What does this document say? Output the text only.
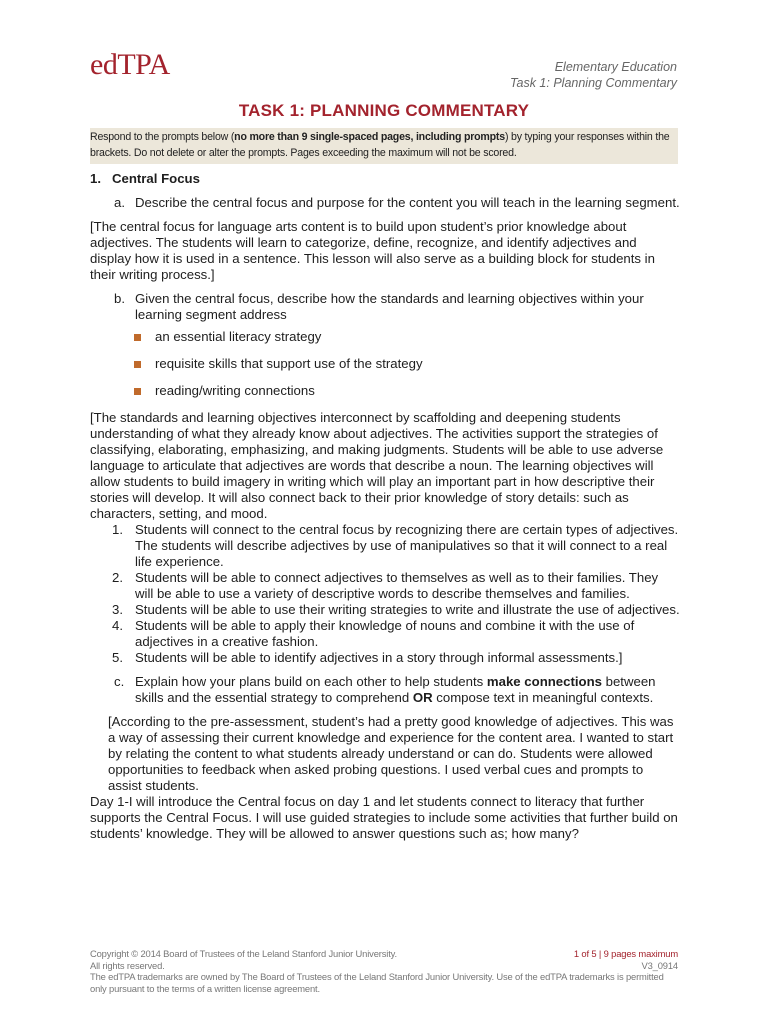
edTPA	Elementary Education
Task 1: Planning Commentary
TASK 1: PLANNING COMMENTARY
Respond to the prompts below (no more than 9 single-spaced pages, including prompts) by typing your responses within the brackets. Do not delete or alter the prompts. Pages exceeding the maximum will not be scored.
1. Central Focus
a. Describe the central focus and purpose for the content you will teach in the learning segment.

[The central focus for language arts content is to build upon student’s prior knowledge about adjectives. The students will learn to categorize, define, recognize, and identify adjectives and display how it is used in a sentence. This lesson will also serve as a building block for students in their writing process.]

b. Given the central focus, describe how the standards and learning objectives within your learning segment address
an essential literacy strategy
requisite skills that support use of the strategy
reading/writing connections

[The standards and learning objectives interconnect by scaffolding and deepening students understanding of what they already know about adjectives. The activities support the strategies of classifying, elaborating, emphasizing, and making judgments. Students will be able to use adverse language to articulate that adjectives are words that describe a noun. The learning objectives will allow students to build imagery in writing which will play an important part in how descriptive their stories will develop. It will also connect back to their prior knowledge of story details: such as characters, setting, and mood.

1. Students will connect to the central focus by recognizing there are certain types of adjectives. The students will describe adjectives by use of manipulatives so that it will connect to a real life experience.
2. Students will be able to connect adjectives to themselves as well as to their families. They will be able to use a variety of descriptive words to describe themselves and families.
3. Students will be able to use their writing strategies to write and illustrate the use of adjectives.
4. Students will be able to apply their knowledge of nouns and combine it with the use of adjectives in a creative fashion.
5. Students will be able to identify adjectives in a story through informal assessments.]
c. Explain how your plans build on each other to help students make connections between skills and the essential strategy to comprehend OR compose text in meaningful contexts.

[According to the pre-assessment, student’s had a pretty good knowledge of adjectives. This was a way of assessing their current knowledge and experience for the content area. I wanted to start by relating the content to what students already understand or can do. Students were allowed opportunities to feedback when asked probing questions. I used verbal cues and prompts to assist students.

Day 1-I will introduce the Central focus on day 1 and let students connect to literacy that further supports the Central Focus. I will use guided strategies to include some activities that further build on students’ knowledge. They will be allowed to answer questions such as; how many?

Copyright © 2014 Board of Trustees of the Leland Stanford Junior University.
All rights reserved.
The edTPA trademarks are owned by The Board of Trustees of the Leland Stanford Junior University. Use of the edTPA trademarks is permitted only pursuant to the terms of a written license agreement.
1 of 5 | 9 pages maximum
V3_0914
